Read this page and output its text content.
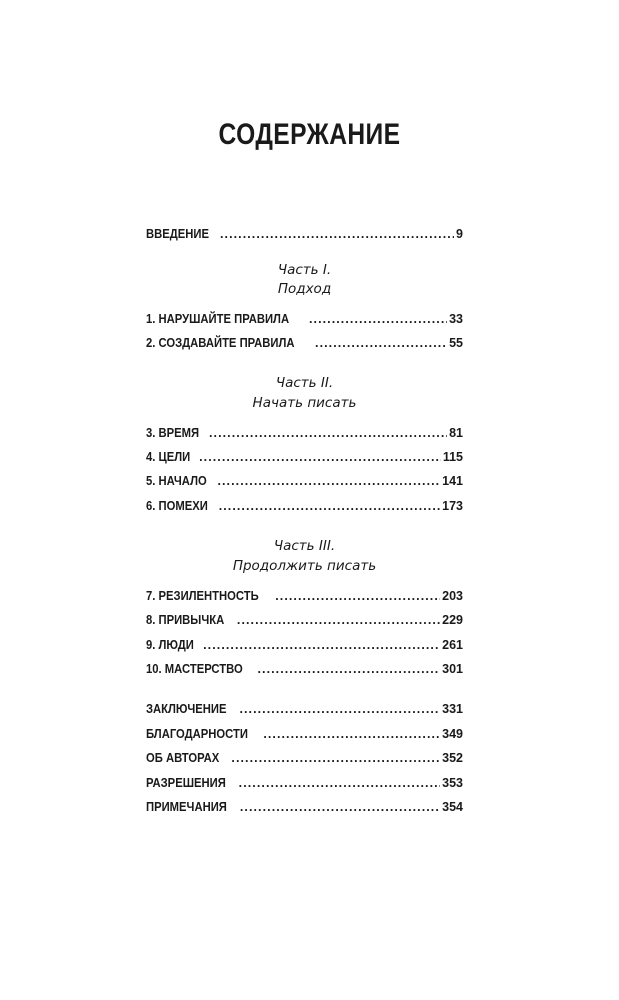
СОДЕРЖАНИЕ
ВВЕДЕНИЕ . . .	9
Часть I.
Подход
1. НАРУШАЙТЕ ПРАВИЛА . . .	33
2. СОЗДАВАЙТЕ ПРАВИЛА . . .	55
Часть II.
Начать писать
3. ВРЕМЯ . . .	81
4. ЦЕЛИ . . .	115
5. НАЧАЛО . . .	141
6. ПОМЕХИ . . .	173
Часть III.
Продолжить писать
7. РЕЗИЛЕНТНОСТЬ . . .	203
8. ПРИВЫЧКА . . .	229
9. ЛЮДИ . . .	261
10. МАСТЕРСТВО . . .	301
ЗАКЛЮЧЕНИЕ . . .	331
БЛАГОДАРНОСТИ . . .	349
ОБ АВТОРАХ . . .	352
РАЗРЕШЕНИЯ . . .	353
ПРИМЕЧАНИЯ . . .	354
